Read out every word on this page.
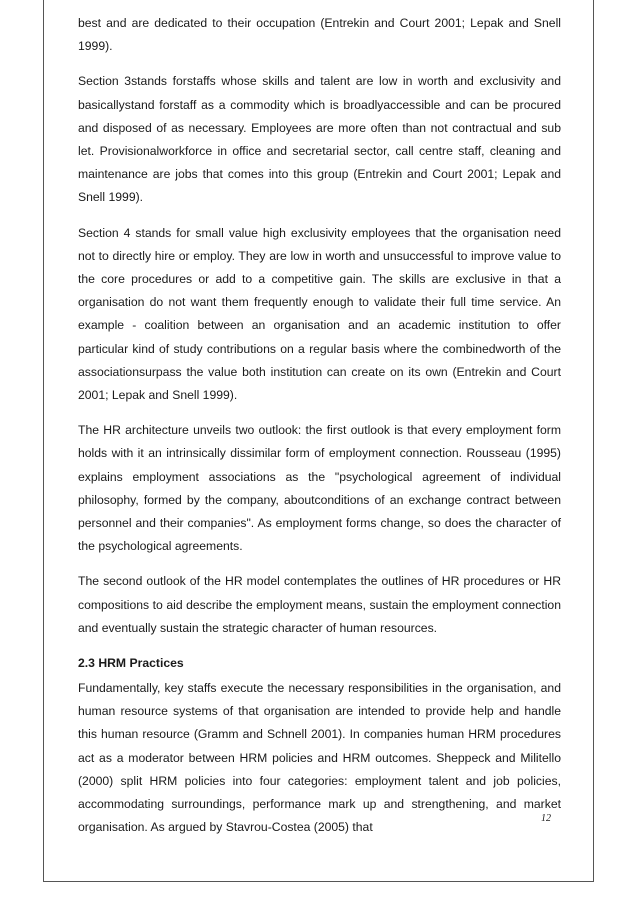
best and are dedicated to their occupation (Entrekin and Court 2001; Lepak and Snell 1999).

Section 3stands forstaffs whose skills and talent are low in worth and exclusivity and basicallystand forstaff as a commodity which is broadlyaccessible and can be procured and disposed of as necessary. Employees are more often than not contractual and sub let. Provisionalworkforce in office and secretarial sector, call centre staff, cleaning and maintenance are jobs that comes into this group (Entrekin and Court 2001; Lepak and Snell 1999).

Section 4 stands for small value high exclusivity employees that the organisation need not to directly hire or employ. They are low in worth and unsuccessful to improve value to the core procedures or add to a competitive gain. The skills are exclusive in that a organisation do not want them frequently enough to validate their full time service. An example - coalition between an organisation and an academic institution to offer particular kind of study contributions on a regular basis where the combinedworth of the associationsurpass the value both institution can create on its own (Entrekin and Court 2001; Lepak and Snell 1999).

The HR architecture unveils two outlook: the first outlook is that every employment form holds with it an intrinsically dissimilar form of employment connection. Rousseau (1995) explains employment associations as the "psychological agreement of individual philosophy, formed by the company, aboutconditions of an exchange contract between personnel and their companies". As employment forms change, so does the character of the psychological agreements.

The second outlook of the HR model contemplates the outlines of HR procedures or HR compositions to aid describe the employment means, sustain the employment connection and eventually sustain the strategic character of human resources.

2.3 HRM Practices

Fundamentally, key staffs execute the necessary responsibilities in the organisation, and human resource systems of that organisation are intended to provide help and handle this human resource (Gramm and Schnell 2001). In companies human HRM procedures act as a moderator between HRM policies and HRM outcomes. Sheppeck and Militello (2000) split HRM policies into four categories: employment talent and job policies, accommodating surroundings, performance mark up and strengthening, and market organisation. As argued by Stavrou-Costea (2005) that

12
